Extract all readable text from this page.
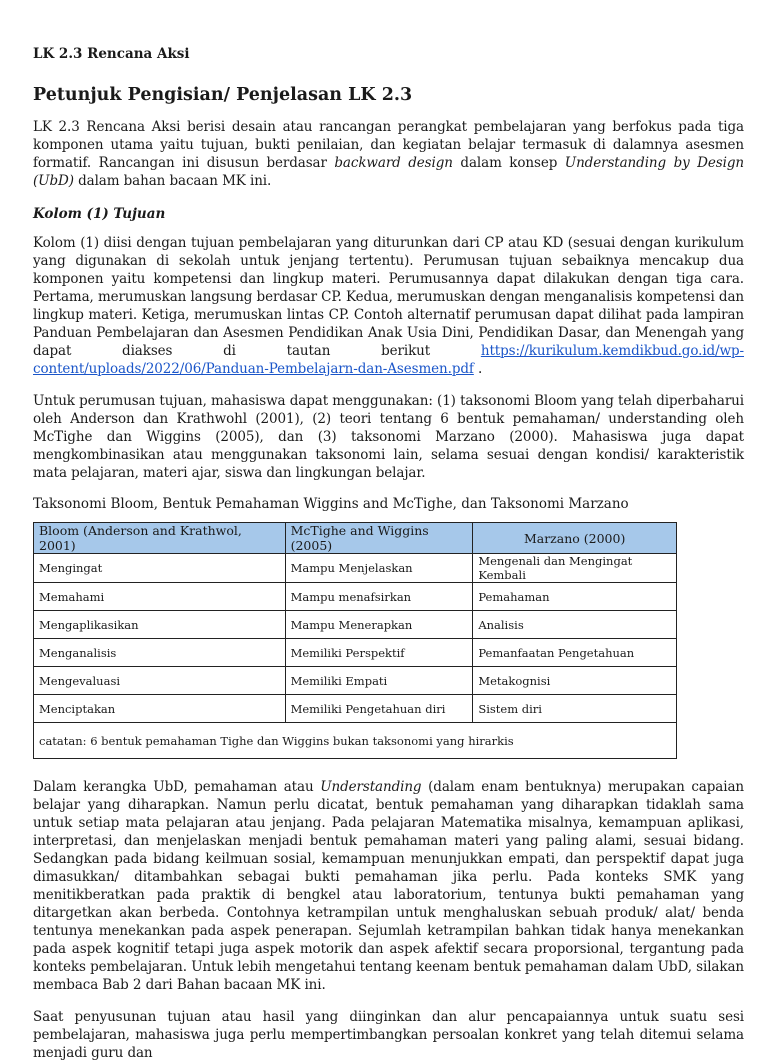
LK 2.3 Rencana Aksi
Petunjuk Pengisian/ Penjelasan LK 2.3

LK 2.3 Rencana Aksi berisi desain atau rancangan perangkat pembelajaran yang berfokus pada tiga komponen utama yaitu tujuan, bukti penilaian, dan kegiatan belajar termasuk di dalamnya asesmen formatif. Rancangan ini disusun berdasar backward design dalam konsep Understanding by Design (UbD) dalam bahan bacaan MK ini.

Kolom (1) Tujuan

Kolom (1) diisi dengan tujuan pembelajaran yang diturunkan dari CP atau KD (sesuai dengan kurikulum yang digunakan di sekolah untuk jenjang tertentu). Perumusan tujuan sebaiknya mencakup dua komponen yaitu kompetensi dan lingkup materi. Perumusannya dapat dilakukan dengan tiga cara. Pertama, merumuskan langsung berdasar CP. Kedua, merumuskan dengan menganalisis kompetensi dan lingkup materi. Ketiga, merumuskan lintas CP. Contoh alternatif perumusan dapat dilihat pada lampiran Panduan Pembelajaran dan Asesmen Pendidikan Anak Usia Dini, Pendidikan Dasar, dan Menengah yang dapat diakses di tautan berikut https://kurikulum.kemdikbud.go.id/wp-content/uploads/2022/06/Panduan-Pembelajarn-dan-Asesmen.pdf .

Untuk perumusan tujuan, mahasiswa dapat menggunakan: (1) taksonomi Bloom yang telah diperbaharui oleh Anderson dan Krathwohl (2001), (2) teori tentang 6 bentuk pemahaman/ understanding oleh McTighe dan Wiggins (2005), dan (3) taksonomi Marzano (2000). Mahasiswa juga dapat mengkombinasikan atau menggunakan taksonomi lain, selama sesuai dengan kondisi/ karakteristik mata pelajaran, materi ajar, siswa dan lingkungan belajar.

Taksonomi Bloom, Bentuk Pemahaman Wiggins and McTighe, dan Taksonomi Marzano
Bloom (Anderson and Krathwol, 2001)	McTighe and Wiggins (2005)	Marzano (2000)
Mengingat	Mampu Menjelaskan	Mengenali dan Mengingat Kembali
Memahami	Mampu menafsirkan	Pemahaman
Mengaplikasikan	Mampu Menerapkan	Analisis
Menganalisis	Memiliki Perspektif	Pemanfaatan Pengetahuan
Mengevaluasi	Memiliki Empati	Metakognisi
Menciptakan	Memiliki Pengetahuan diri	Sistem diri
catatan: 6 bentuk pemahaman Tighe dan Wiggins bukan taksonomi yang hirarkis		

Dalam kerangka UbD, pemahaman atau Understanding (dalam enam bentuknya) merupakan capaian belajar yang diharapkan. Namun perlu dicatat, bentuk pemahaman yang diharapkan tidaklah sama untuk setiap mata pelajaran atau jenjang. Pada pelajaran Matematika misalnya, kemampuan aplikasi, interpretasi, dan menjelaskan menjadi bentuk pemahaman materi yang paling alami, sesuai bidang. Sedangkan pada bidang keilmuan sosial, kemampuan menunjukkan empati, dan perspektif dapat juga dimasukkan/ ditambahkan sebagai bukti pemahaman jika perlu. Pada konteks SMK yang menitikberatkan pada praktik di bengkel atau laboratorium, tentunya bukti pemahaman yang ditargetkan akan berbeda. Contohnya ketrampilan untuk menghaluskan sebuah produk/ alat/ benda tentunya menekankan pada aspek penerapan. Sejumlah ketrampilan bahkan tidak hanya menekankan pada aspek kognitif tetapi juga aspek motorik dan aspek afektif secara proporsional, tergantung pada konteks pembelajaran. Untuk lebih mengetahui tentang keenam bentuk pemahaman dalam UbD, silakan membaca Bab 2 dari Bahan bacaan MK ini.

Saat penyusunan tujuan atau hasil yang diinginkan dan alur pencapaiannya untuk suatu sesi pembelajaran, mahasiswa juga perlu mempertimbangkan persoalan konkret yang telah ditemui selama menjadi guru dan
